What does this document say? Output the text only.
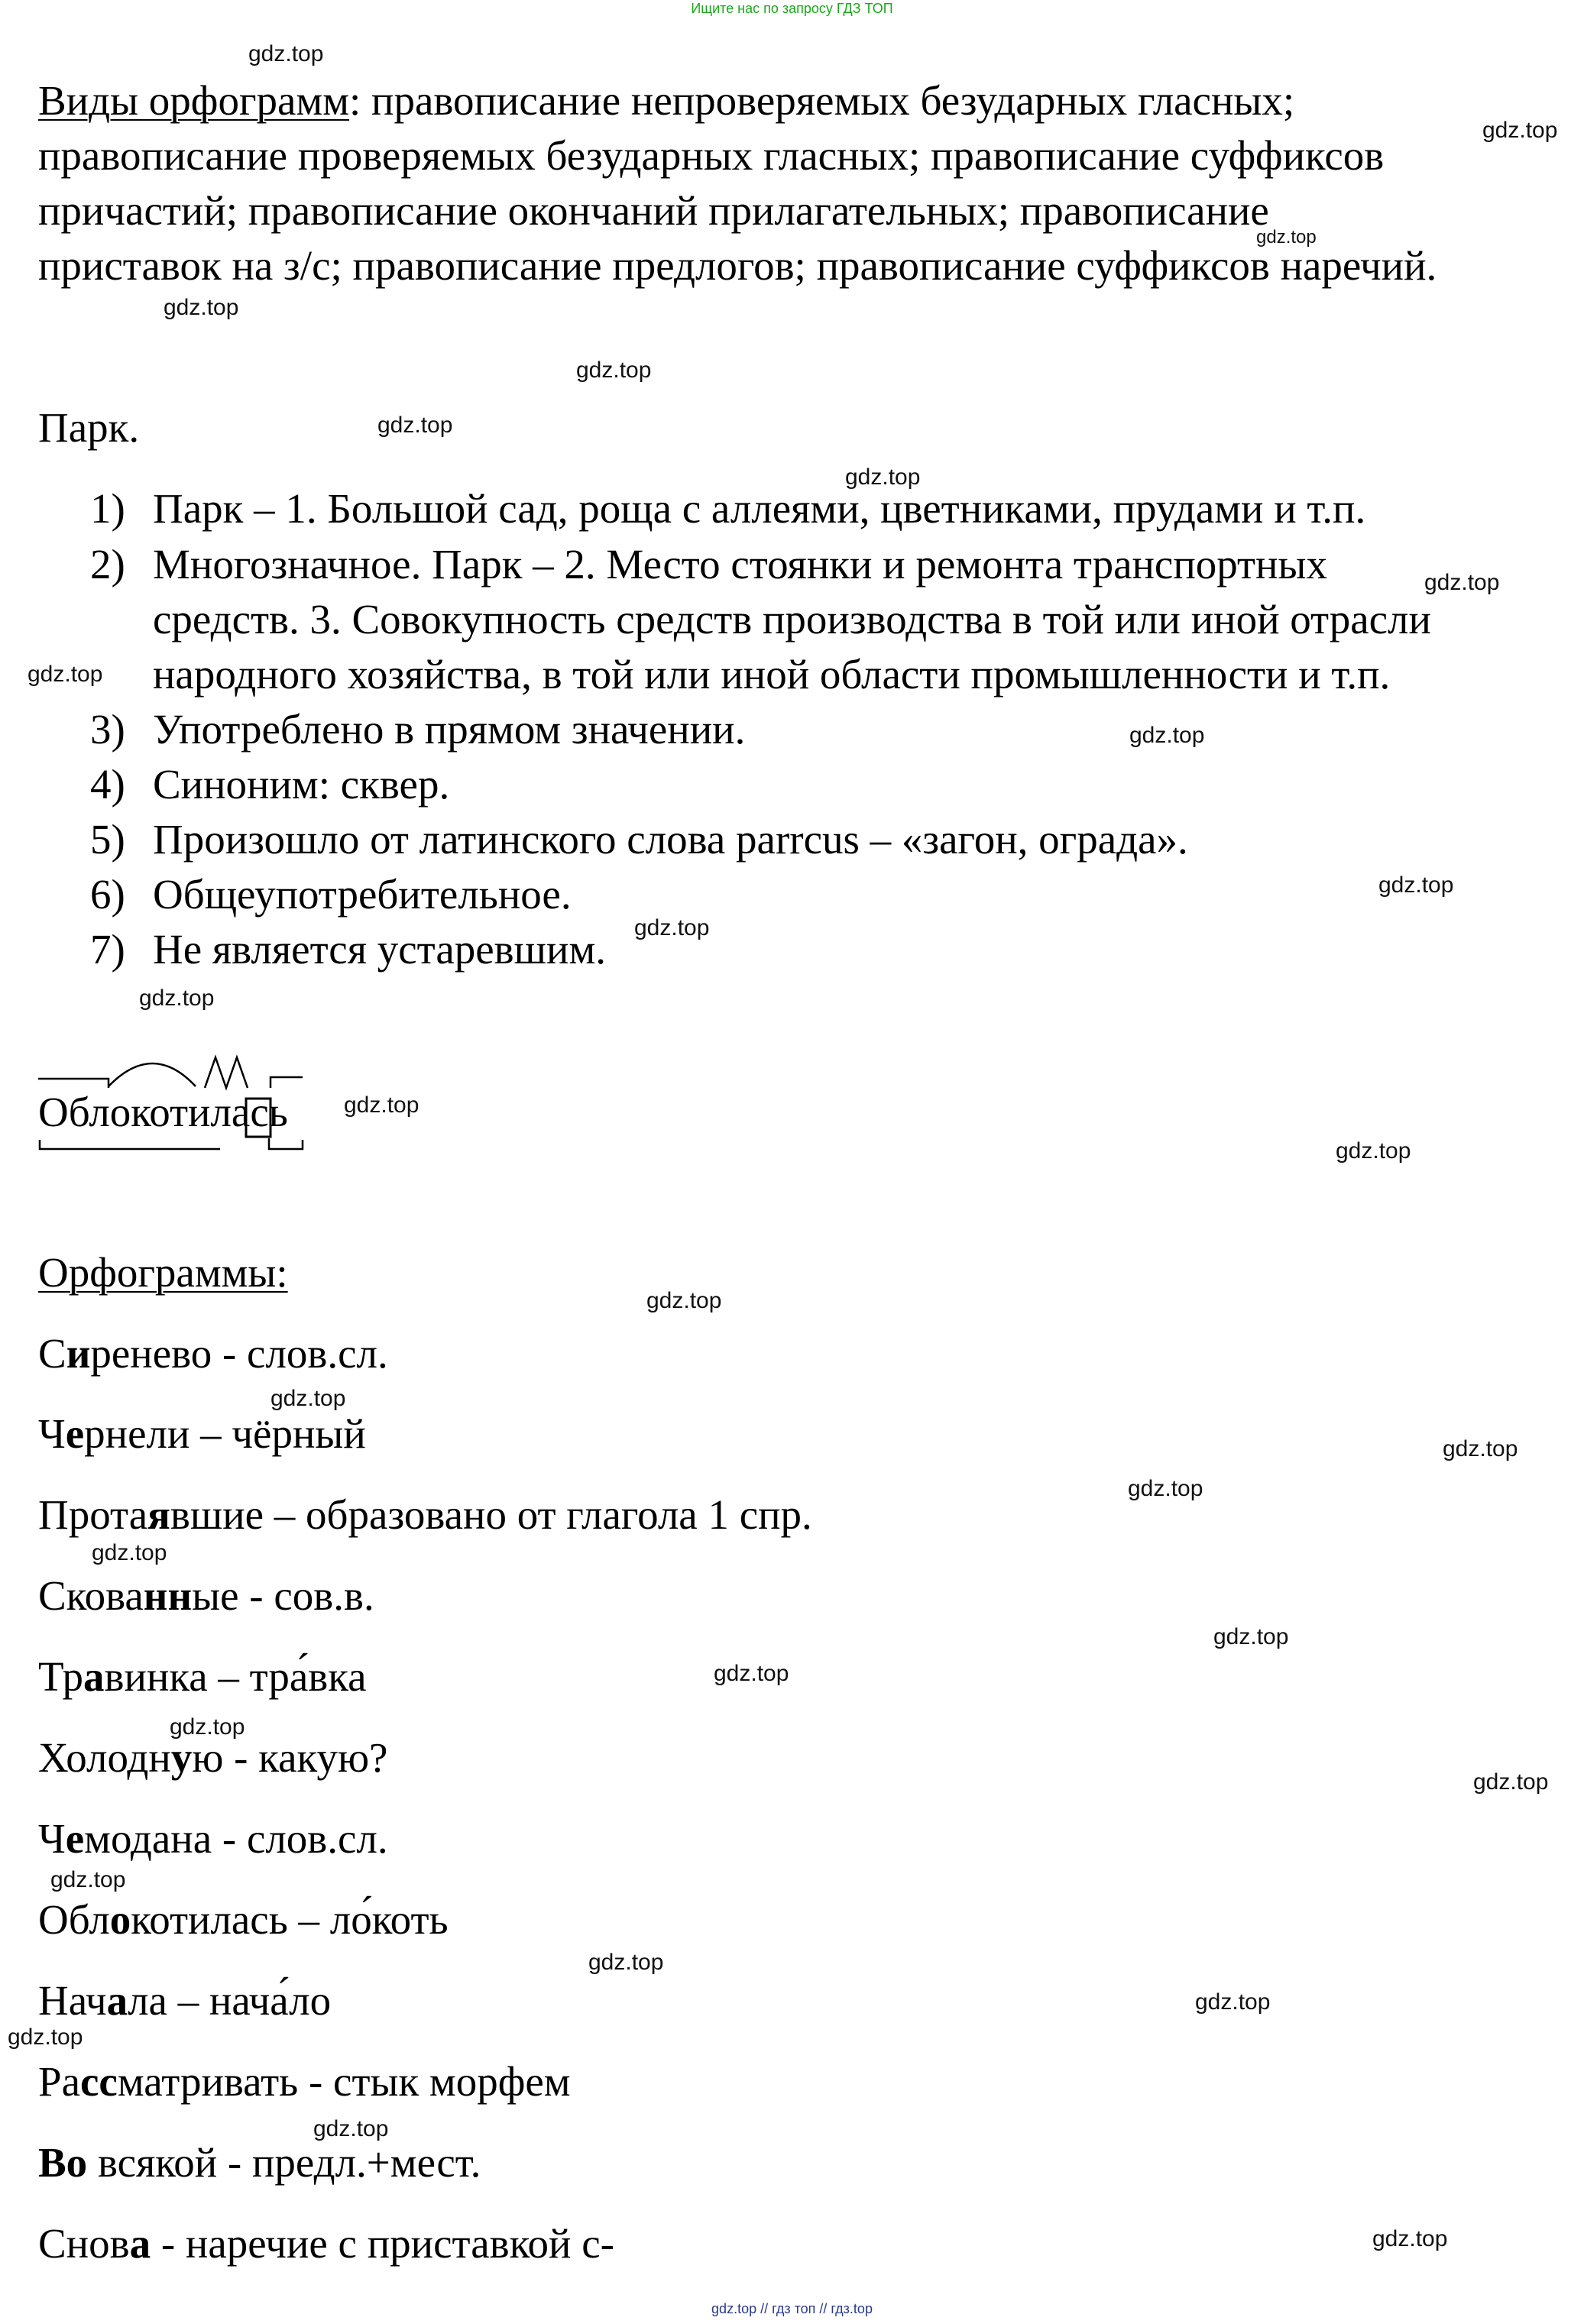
Ищите нас по запросу ГДЗ ТОП
Виды орфограмм: правописание непроверяемых безударных гласных;
правописание проверяемых безударных гласных; правописание суффиксов
причастий; правописание окончаний прилагательных; правописание
приставок на з/с; правописание предлогов; правописание суффиксов наречий.
Парк.
1) Парк – 1. Большой сад, роща с аллеями, цветниками, прудами и т.п.
2) Многозначное. Парк – 2. Место стоянки и ремонта транспортных
средств. 3. Совокупность средств производства в той или иной отрасли
народного хозяйства, в той или иной области промышленности и т.п.
3) Употреблено в прямом значении.
4) Синоним: сквер.
5) Произошло от латинского слова parrcus – «загон, ограда».
6) Общеупотребительное.
7) Не является устаревшим.
Облокотилась
Орфограммы:
Сиренево - слов.сл.
Чернели – чёрный
Протаявшие – образовано от глагола 1 спр.
Скованные - сов.в.
Травинка – тра́вка
Холодную - какую?
Чемодана - слов.сл.
Облокотилась – ло́коть
Начала – нача́ло
Рассматривать - стык морфем
Во всякой - предл.+мест.
Снова - наречие с приставкой с-
gdz.top
gdz.top
gdz.top
gdz.top
gdz.top
gdz.top
gdz.top
gdz.top
gdz.top
gdz.top
gdz.top
gdz.top
gdz.top
gdz.top
gdz.top
gdz.top
gdz.top
gdz.top
gdz.top
gdz.top
gdz.top
gdz.top
gdz.top
gdz.top
gdz.top
gdz.top
gdz.top
gdz.top
gdz.top
gdz.top
gdz.top // гдз топ // гдз.top
